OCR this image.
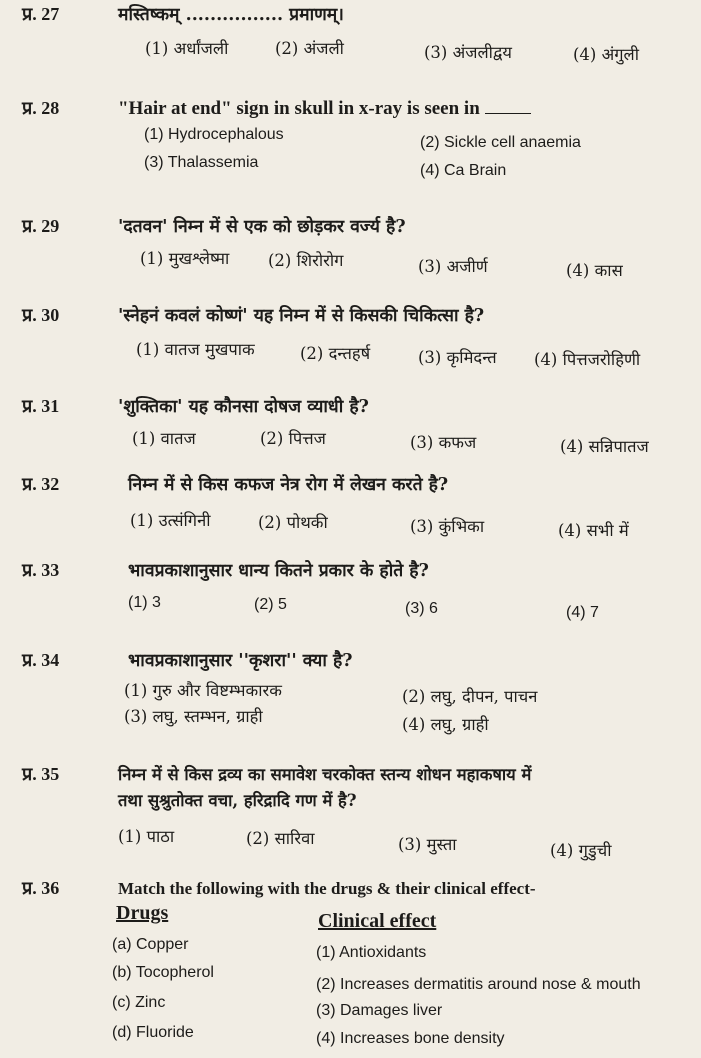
प्र. 27	मस्तिष्कम् ................ प्रमाणम्।
(1) अर्धांजली	(2) अंजली	(3) अंजलीद्वय	(4) अंगुली
प्र. 28	"Hair at end" sign in skull in x-ray is seen in
(1) Hydrocephalous	(2) Sickle cell anaemia
(3) Thalassemia	(4) Ca Brain
प्र. 29	'दतवन' निम्न में से एक को छोड़कर वर्ज्य है?
(1) मुखश्लेष्मा (2) शिरोरोग	(3) अजीर्ण	(4) कास
प्र. 30	'स्नेहनं कवलं कोष्णं' यह निम्न में से किसकी चिकित्सा है?
(1) वातज मुखपाक	(2) दन्तहर्ष	(3) कृमिदन्त (4) पित्तजरोहिणी
प्र. 31	'शुक्तिका' यह कौनसा दोषज व्याधी है?
(1) वातज	(2) पित्तज	(3) कफज	(4) सन्निपातज
प्र. 32	निम्न में से किस कफज नेत्र रोग में लेखन करते है?
(1) उत्संगिनी	(2) पोथकी	(3) कुंभिका	(4) सभी में
प्र. 33	भावप्रकाशानुसार धान्य कितने प्रकार के होते है?
(1) 3	(2) 5	(3) 6	(4) 7
प्र. 34	भावप्रकाशानुसार ''कृशरा'' क्या है?
(1) गुरु और विष्टम्भकारक	(2) लघु, दीपन, पाचन
(3) लघु, स्तम्भन, ग्राही	(4) लघु, ग्राही
प्र. 35	निम्न में से किस द्रव्य का समावेश चरकोक्त स्तन्य शोधन महाकषाय में
तथा सुश्रुतोक्त वचा, हरिद्रादि गण में है?
(1) पाठा	(2) सारिवा	(3) मुस्ता	(4) गुडुची
प्र. 36	Match the following with the drugs & their clinical effect-
Drugs	Clinical effect
(a) Copper
(b) Tocopherol
(c) Zinc
(d) Fluoride
(1) Antioxidants
(2) Increases dermatitis around nose & mouth
(3) Damages liver
(4) Increases bone density
